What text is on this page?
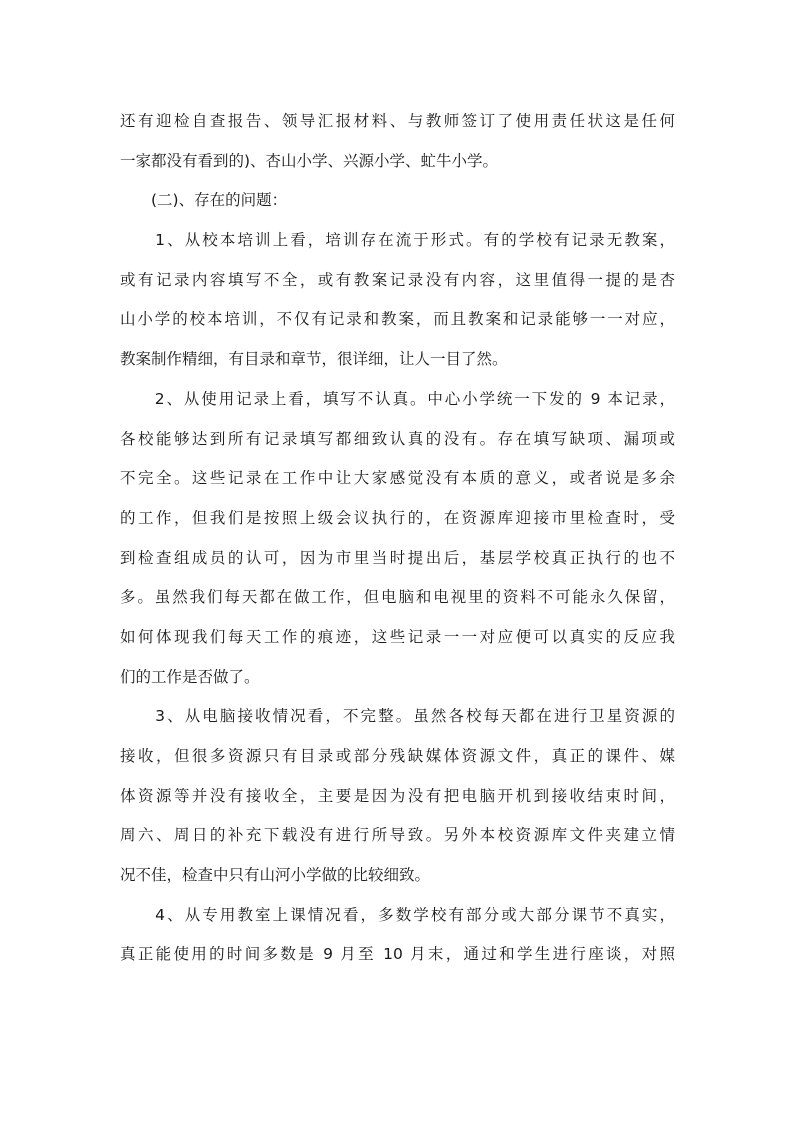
还有迎检自查报告、领导汇报材料、与教师签订了使用责任状这是任何
一家都没有看到的)、杏山小学、兴源小学、虻牛小学。
　　(二)、存在的问题：
　　1、从校本培训上看，培训存在流于形式。有的学校有记录无教案，
或有记录内容填写不全，或有教案记录没有内容，这里值得一提的是杏
山小学的校本培训，不仅有记录和教案，而且教案和记录能够一一对应，
教案制作精细，有目录和章节，很详细，让人一目了然。
　　2、从使用记录上看，填写不认真。中心小学统一下发的 9 本记录，
各校能够达到所有记录填写都细致认真的没有。存在填写缺项、漏项或
不完全。这些记录在工作中让大家感觉没有本质的意义，或者说是多余
的工作，但我们是按照上级会议执行的，在资源库迎接市里检查时，受
到检查组成员的认可，因为市里当时提出后，基层学校真正执行的也不
多。虽然我们每天都在做工作，但电脑和电视里的资料不可能永久保留，
如何体现我们每天工作的痕迹，这些记录一一对应便可以真实的反应我
们的工作是否做了。
　　3、从电脑接收情况看，不完整。虽然各校每天都在进行卫星资源的
接收，但很多资源只有目录或部分残缺媒体资源文件，真正的课件、媒
体资源等并没有接收全，主要是因为没有把电脑开机到接收结束时间，
周六、周日的补充下载没有进行所导致。另外本校资源库文件夹建立情
况不佳，检查中只有山河小学做的比较细致。
　　4、从专用教室上课情况看，多数学校有部分或大部分课节不真实，
真正能使用的时间多数是 9 月至 10 月末，通过和学生进行座谈，对照
